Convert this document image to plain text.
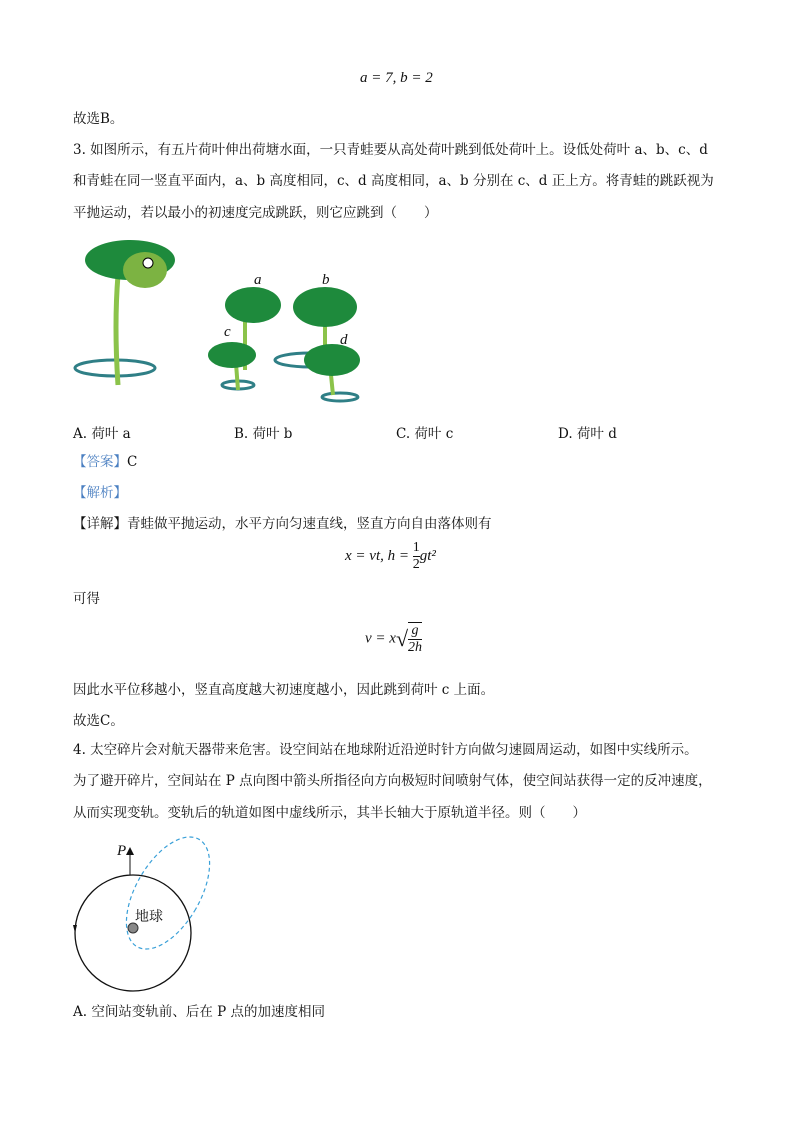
a = 7, b = 2
故选B。
3. 如图所示，有五片荷叶伸出荷塘水面，一只青蛙要从高处荷叶跳到低处荷叶上。设低处荷叶 a、b、c、d
和青蛙在同一竖直平面内，a、b 高度相同，c、d 高度相同，a、b 分别在 c、d 正上方。将青蛙的跳跃视为
平抛运动，若以最小的初速度完成跳跃，则它应跳到（　　）
a	b
c	d
A. 荷叶 a	B. 荷叶 b	C. 荷叶 c	D. 荷叶 d
【答案】C
【解析】
【详解】青蛙做平抛运动，水平方向匀速直线，竖直方向自由落体则有
x = vt, $h = \frac{1}{2} gt^2$
可得
$v = x√ \frac{g}{2h}$
因此水平位移越小，竖直高度越大初速度越小，因此跳到荷叶 c 上面。
故选C。
4. 太空碎片会对航天器带来危害。设空间站在地球附近沿逆时针方向做匀速圆周运动，如图中实线所示。
为了避开碎片，空间站在 P 点向图中箭头所指径向方向极短时间喷射气体，使空间站获得一定的反冲速度，
从而实现变轨。变轨后的轨道如图中虚线所示，其半长轴大于原轨道半径。则（　　）
P
地球
A. 空间站变轨前、后在 P 点的加速度相同
